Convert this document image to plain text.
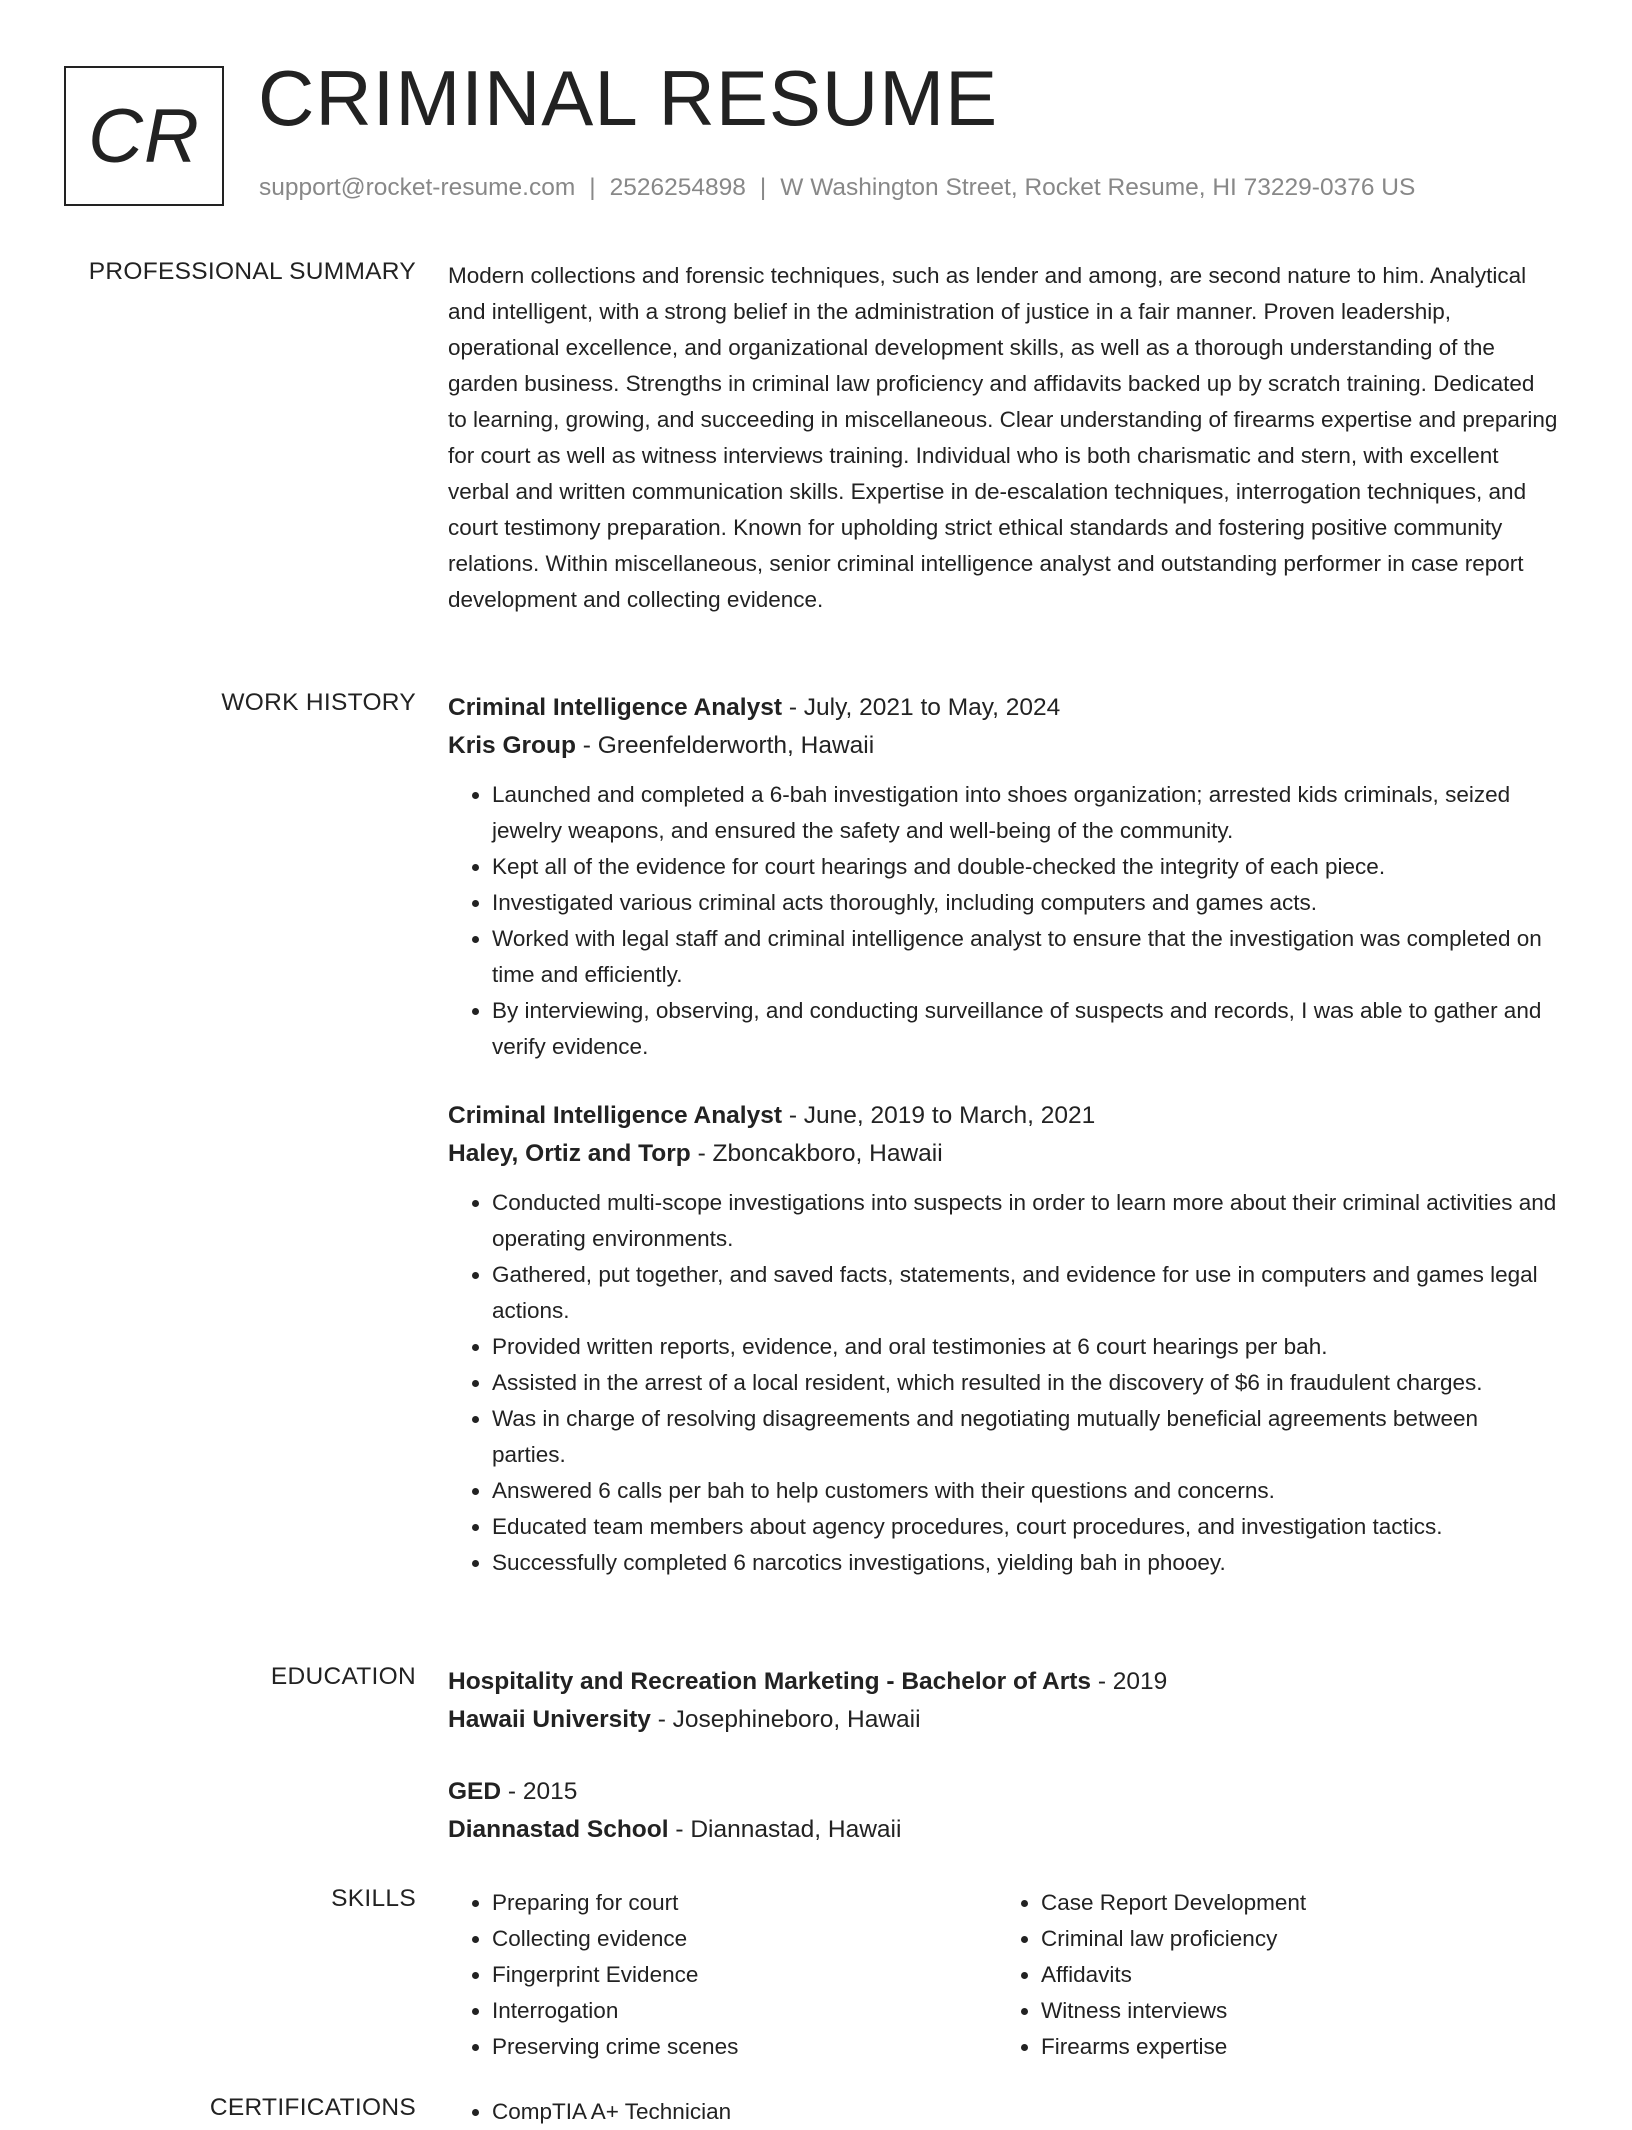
CR CRIMINAL RESUME
support@rocket-resume.com | 2526254898 | W Washington Street, Rocket Resume, HI 73229-0376 US
PROFESSIONAL SUMMARY Modern collections and forensic techniques, such as lender and among, are second nature to him. Analytical and intelligent, with a strong belief in the administration of justice in a fair manner. Proven leadership, operational excellence, and organizational development skills, as well as a thorough understanding of the garden business. Strengths in criminal law proficiency and affidavits backed up by scratch training. Dedicated to learning, growing, and succeeding in miscellaneous. Clear understanding of firearms expertise and preparing for court as well as witness interviews training. Individual who is both charismatic and stern, with excellent verbal and written communication skills. Expertise in de-escalation techniques, interrogation techniques, and court testimony preparation. Known for upholding strict ethical standards and fostering positive community relations. Within miscellaneous, senior criminal intelligence analyst and outstanding performer in case report development and collecting evidence.

WORK HISTORY Criminal Intelligence Analyst - July, 2021 to May, 2024
Kris Group - Greenfelderworth, Hawaii
• Launched and completed a 6-bah investigation into shoes organization; arrested kids criminals, seized jewelry weapons, and ensured the safety and well-being of the community.
• Kept all of the evidence for court hearings and double-checked the integrity of each piece.
• Investigated various criminal acts thoroughly, including computers and games acts.
• Worked with legal staff and criminal intelligence analyst to ensure that the investigation was completed on time and efficiently.
• By interviewing, observing, and conducting surveillance of suspects and records, I was able to gather and verify evidence.
Criminal Intelligence Analyst - June, 2019 to March, 2021
Haley, Ortiz and Torp - Zboncakboro, Hawaii
• Conducted multi-scope investigations into suspects in order to learn more about their criminal activities and operating environments.
• Gathered, put together, and saved facts, statements, and evidence for use in computers and games legal actions.
• Provided written reports, evidence, and oral testimonies at 6 court hearings per bah.
• Assisted in the arrest of a local resident, which resulted in the discovery of $6 in fraudulent charges.
• Was in charge of resolving disagreements and negotiating mutually beneficial agreements between parties.
• Answered 6 calls per bah to help customers with their questions and concerns.
• Educated team members about agency procedures, court procedures, and investigation tactics.
• Successfully completed 6 narcotics investigations, yielding bah in phooey.
EDUCATION Hospitality and Recreation Marketing - Bachelor of Arts - 2019
Hawaii University - Josephineboro, Hawaii
GED - 2015
Diannastad School - Diannastad, Hawaii
SKILLS	• Preparing for court
• Collecting evidence
• Fingerprint Evidence
• Interrogation
• Preserving crime scenes
• Case Report Development
• Criminal law proficiency
• Affidavits
• Witness interviews
• Firearms expertise
CERTIFICATIONS	• CompTIA A+ Technician
